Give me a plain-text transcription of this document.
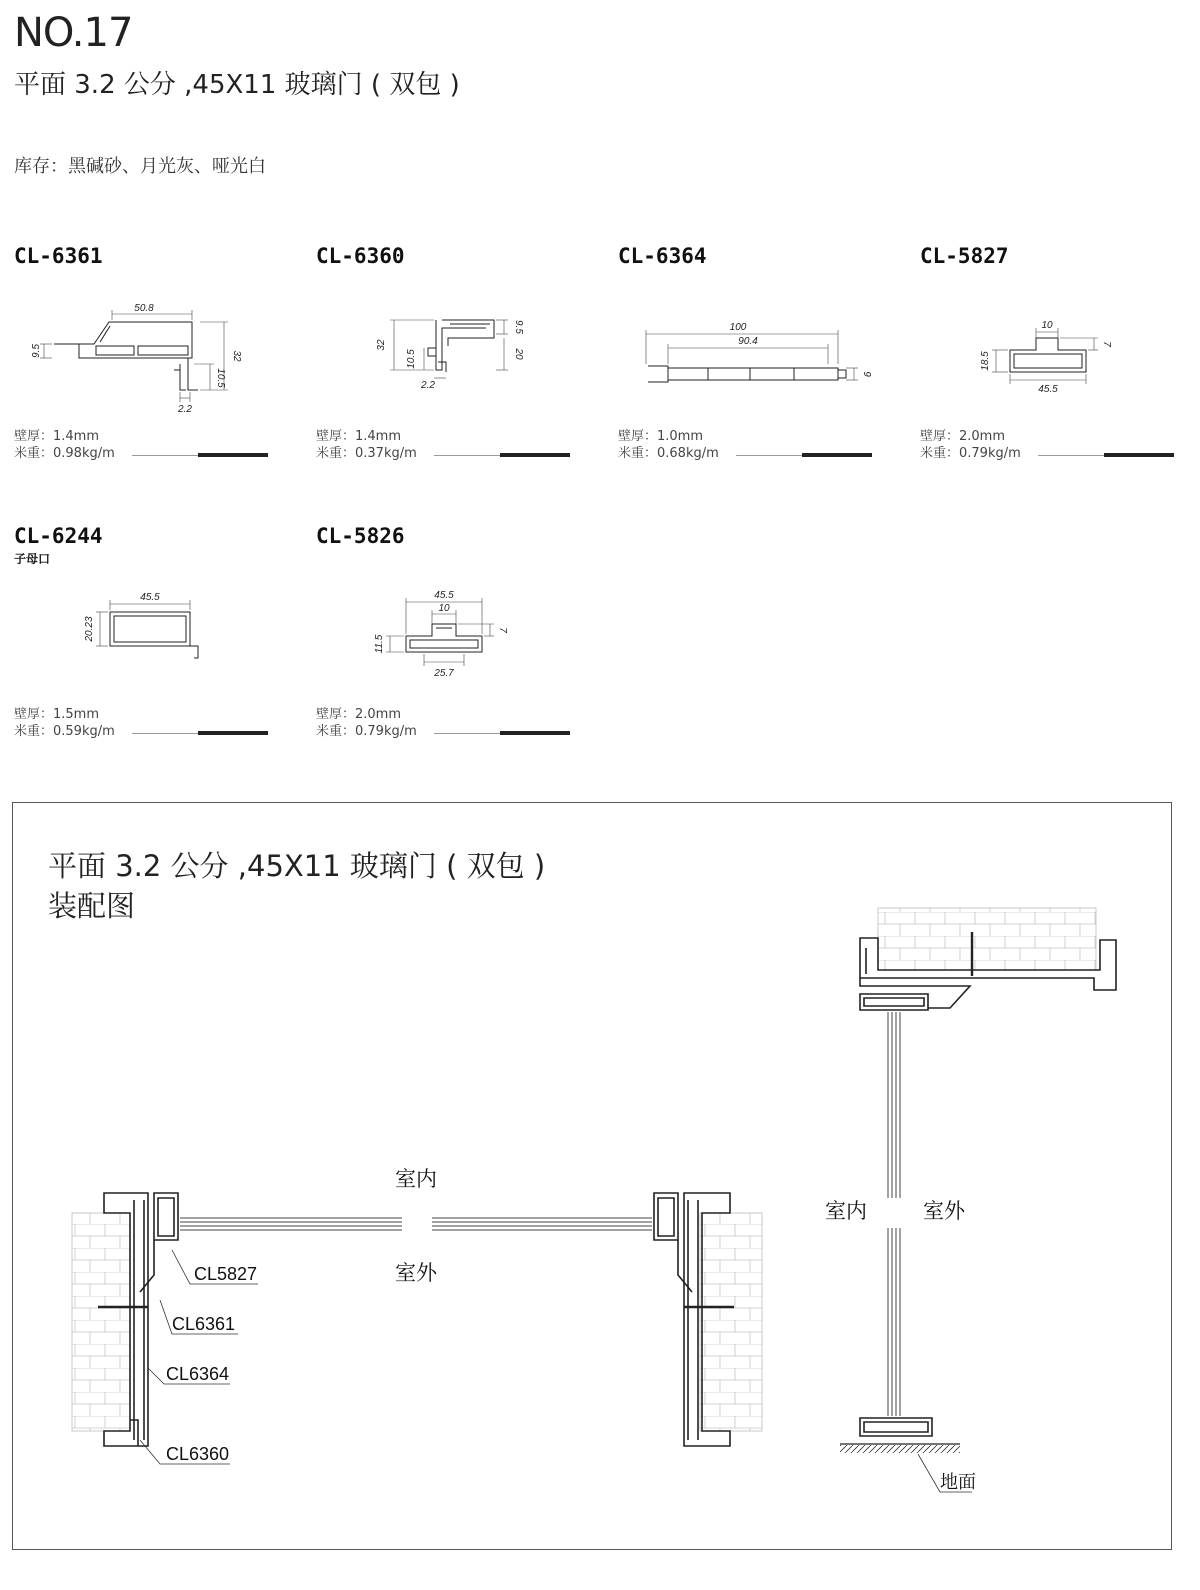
NO.17
平面 3.2 公分 ,45X11 玻璃门 ( 双包 )
库存：黑碱砂、月光灰、哑光白
CL-6361
50.8
9.5	32
10.5
2.2
壁厚：1.4mm
米重：0.98kg/m
CL-6360
32
9.5
20
10.5
2.2
壁厚：1.4mm
米重：0.37kg/m
CL-6364
100
90.4
9
壁厚：1.0mm
米重：0.68kg/m
CL-5827
10
18.5
7
45.5
壁厚：2.0mm
米重：0.79kg/m
CL-6244
子母口
壁厚：1.5mm
米重：0.59kg/m
45.5
20.23
CL-5826
45.5
10
11.5
7
25.7
壁厚：2.0mm
米重：0.79kg/m
平面 3.2 公分 ,45X11 玻璃门 ( 双包 )
装配图
CL5827
CL6361
CL6364
CL6360
室内
室外
地面
室内	室外
